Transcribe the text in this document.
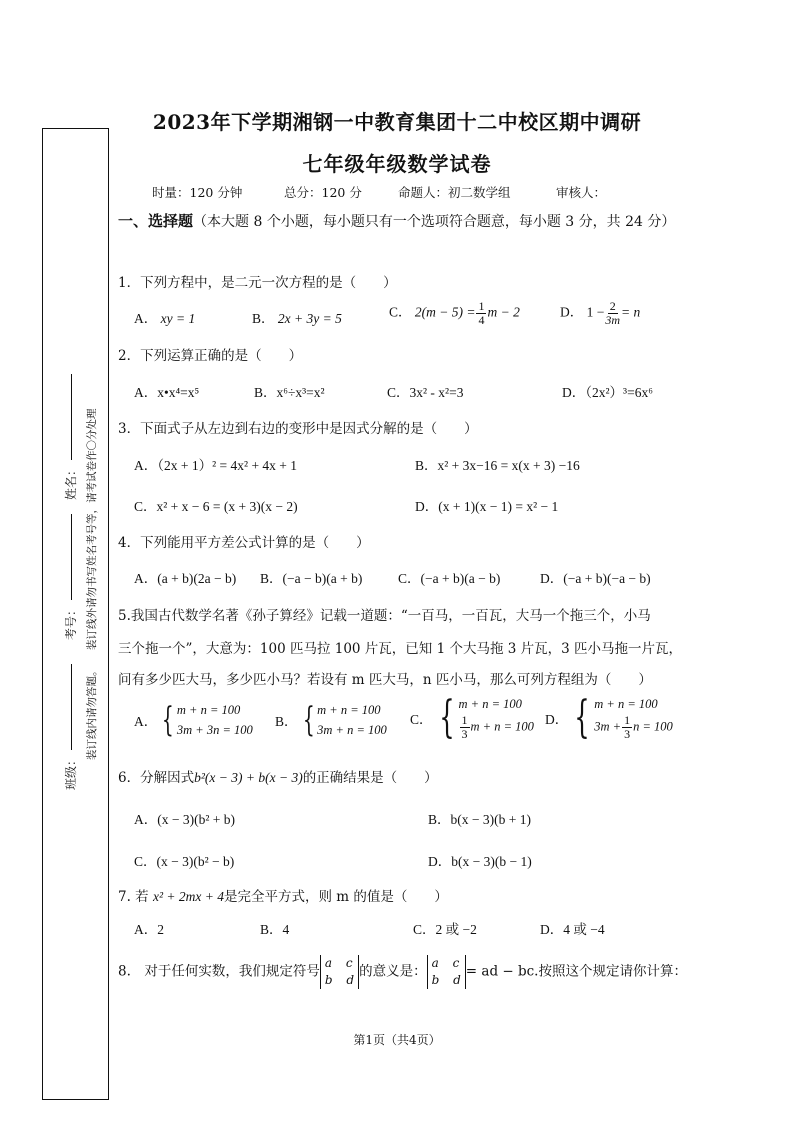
姓名：
考号：
班级：
装订线外请勿书写姓名考号等，请考试卷作〇分处理
装订线内请勿答题。
2023年下学期湘钢一中教育集团十二中校区期中调研
七年级年级数学试卷
时量：120 分钟	总分：120 分	命题人：初二数学组	审核人：
一、选择题（本大题 8 个小题，每小题只有一个选项符合题意，每小题 3 分，共 24 分）
1．下列方程中，是二元一次方程的是（　　）
A． xy = 1	B． 2x + 3y = 5	C． $2(m - 5) = \frac{1}{4}$ m − 2	D． $1 - \frac{2}{3m} = n$
2．下列运算正确的是（　　）
A．x•x⁴=x⁵	B．x⁶÷x³=x²	C．3x² - x²=3	D．（2x²）³=6x⁶
3．下面式子从左边到右边的变形中是因式分解的是（　　）
A．（2x + 1）² = 4x² + 4x + 1	B．x² + 3x−16 = x(x + 3) −16
C．x² + x − 6 = (x + 3)(x − 2)	D．(x + 1)(x − 1) = x² − 1
4．下列能用平方差公式计算的是（　　）
A．(a + b)(2a − b) B．(−a − b)(a + b)	C．(−a + b)(a − b)	D．(−a + b)(−a − b)
5.我国古代数学名著《孙子算经》记载一道题：“一百马，一百瓦，大马一个拖三个，小马
三个拖一个”，大意为：100 匹马拉 100 片瓦，已知 1 个大马拖 3 片瓦，3 匹小马拖一片瓦，
问有多少匹大马，多少匹小马？若设有 m 匹大马，n 匹小马，那么可列方程组为（　　）
A． { m + n = 100
3m + 3n = 100
B． { m + n = 100
3m + n = 100
C． { m + n = 100
$\frac{1}{3}$ m + n = 100 D． { m + n = 100
$3m + \frac{1}{3}$ n = 100
6．分解因式b²(x − 3) + b(x − 3)的正确结果是（　　）
A．(x − 3)(b² + b)	B．b(x − 3)(b + 1)
C．(x − 3)(b² − b)	D．b(x − 3)(b − 1)
7. 若 x² + 2mx + 4是完全平方式，则 m 的值是（　　）
A．2	B．4	C．2 或 −2	D．4 或 −4
8.　对于任何实数，我们规定符号
a c
b d
的意义是：
a c
b d
= ad − bc.按照这个规定请你计算：
第1页（共4页）
